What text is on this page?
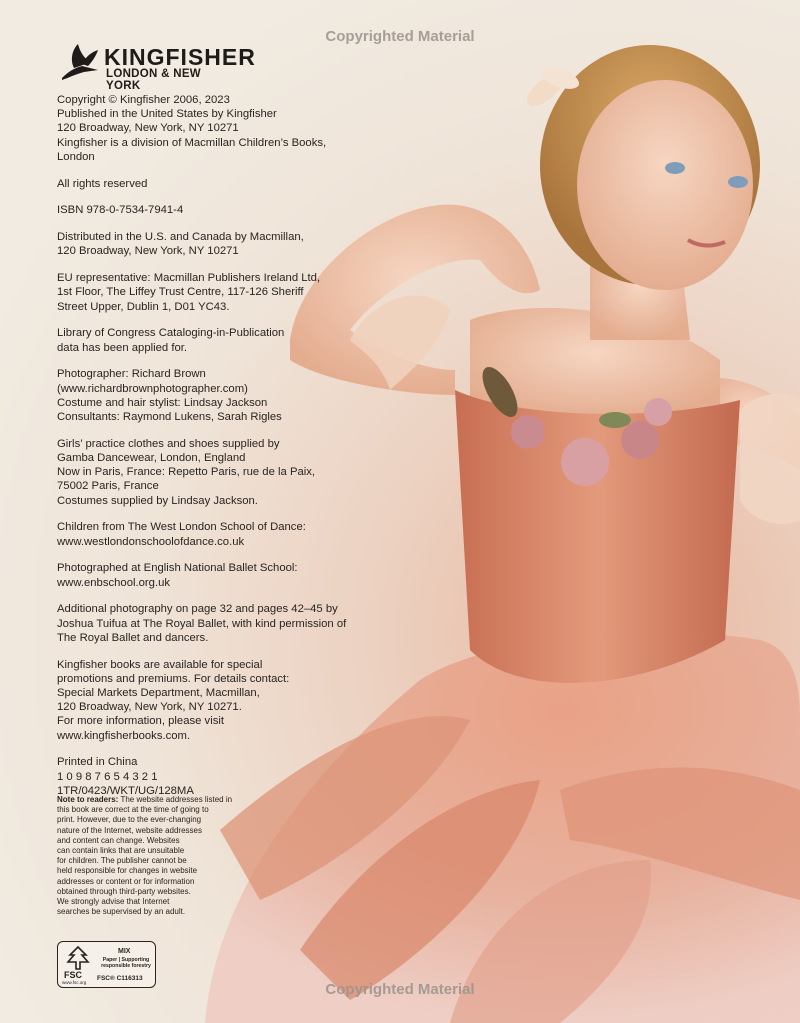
Copyrighted Material
Copyrighted Material
KINGFISHER
LONDON & NEW YORK

Copyright © Kingfisher 2006, 2023
Published in the United States by Kingfisher
120 Broadway, New York, NY 10271
Kingfisher is a division of Macmillan Children’s Books,
London

All rights reserved

ISBN 978-0-7534-7941-4

Distributed in the U.S. and Canada by Macmillan,
120 Broadway, New York, NY 10271

EU representative: Macmillan Publishers Ireland Ltd,
1st Floor, The Liffey Trust Centre, 117-126 Sheriff
Street Upper, Dublin 1, D01 YC43.

Library of Congress Cataloging-in-Publication
data has been applied for.

Photographer: Richard Brown
(www.richardbrownphotographer.com)
Costume and hair stylist: Lindsay Jackson
Consultants: Raymond Lukens, Sarah Rigles

Girls’ practice clothes and shoes supplied by
Gamba Dancewear, London, England
Now in Paris, France: Repetto Paris, rue de la Paix,
75002 Paris, France
Costumes supplied by Lindsay Jackson.

Children from The West London School of Dance:
www.westlondonschoolofdance.co.uk

Photographed at English National Ballet School:
www.enbschool.org.uk

Additional photography on page 32 and pages 42–45 by
Joshua Tuifua at The Royal Ballet, with kind permission of
The Royal Ballet and dancers.

Kingfisher books are available for special
promotions and premiums. For details contact:
Special Markets Department, Macmillan,
120 Broadway, New York, NY 10271.
For more information, please visit
www.kingfisherbooks.com.

Printed in China
1 0 9 8 7 6 5 4 3 2 1
1TR/0423/WKT/UG/128MA

Note to readers: The website addresses listed in
this book are correct at the time of going to
print. However, due to the ever-changing
nature of the Internet, website addresses
and content can change. Websites
can contain links that are unsuitable
for children. The publisher cannot be
held responsible for changes in website
addresses or content or for information
obtained through third-party websites.
We strongly advise that Internet
searches be supervised by an adult.
FSC
www.fsc.org
MIX
Paper | Supporting
responsible forestry
FSC® C116313
